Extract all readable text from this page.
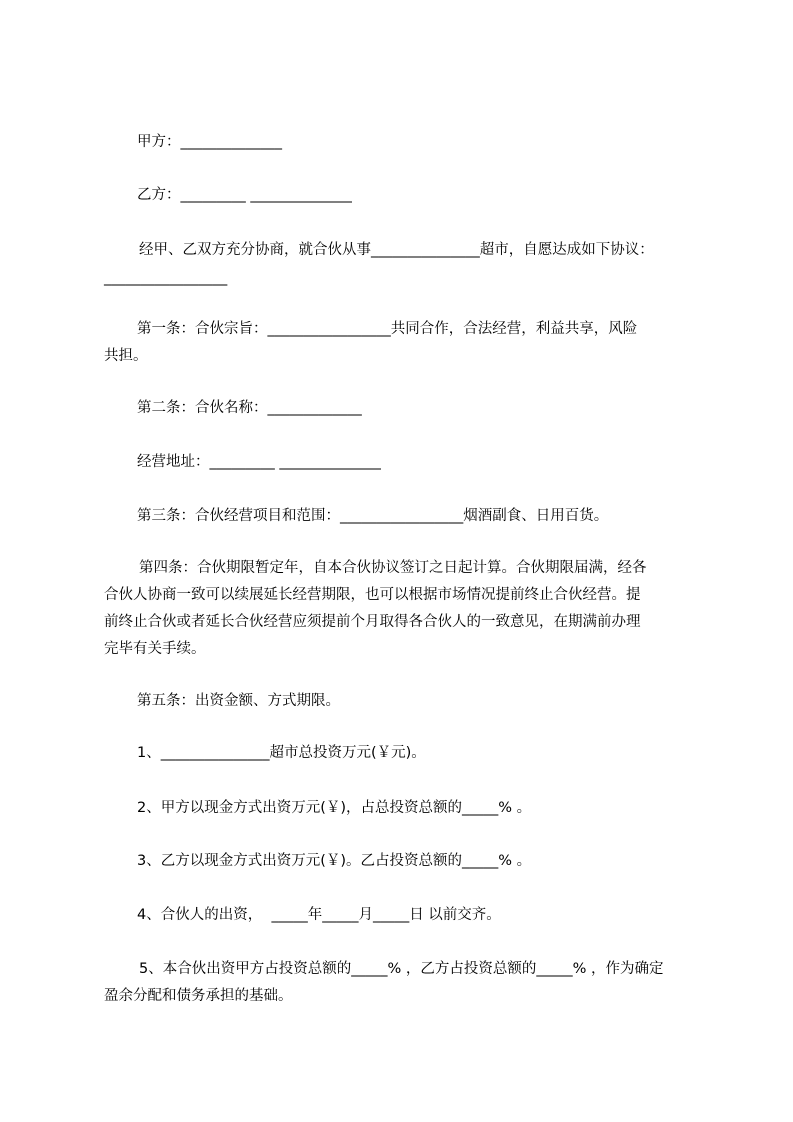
甲方：______________
乙方：_________ ______________
经甲、乙双方充分协商，就合伙从事_______________超市，自愿达成如下协议：
_________________
第一条：合伙宗旨：_________________共同合作，合法经营，利益共享，风险
共担。
第二条：合伙名称：_____________
经营地址：_________ ______________
第三条：合伙经营项目和范围：_________________烟酒副食、日用百货。
第四条：合伙期限暂定年，自本合伙协议签订之日起计算。合伙期限届满，经各
合伙人协商一致可以续展延长经营期限，也可以根据市场情况提前终止合伙经营。提
前终止合伙或者延长合伙经营应须提前个月取得各合伙人的一致意见，在期满前办理
完毕有关手续。
第五条：出资金额、方式期限。
1、_______________超市总投资万元(￥元)。
2、甲方以现金方式出资万元(￥)，占总投资总额的_____% 。
3、乙方以现金方式出资万元(￥)。乙占投资总额的_____% 。
4、合伙人的出资，  _____年_____月_____日 以前交齐。
5、本合伙出资甲方占投资总额的_____% ，乙方占投资总额的_____% ，作为确定
盈余分配和债务承担的基础。
